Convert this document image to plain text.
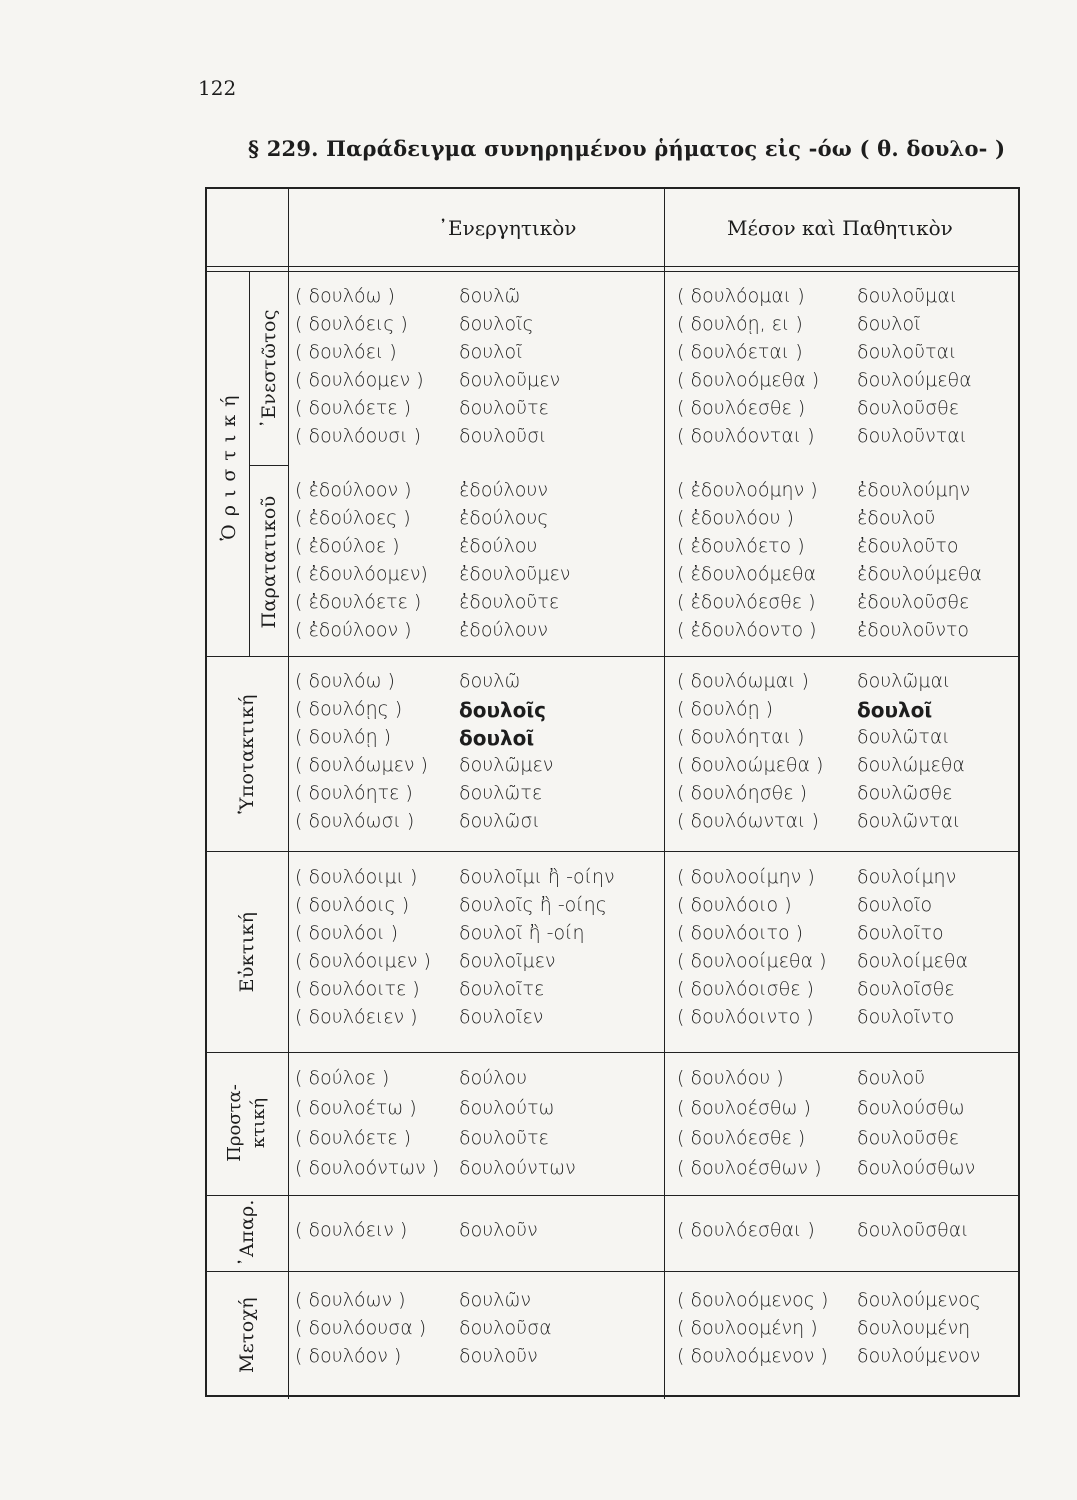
122
§ 229. Παράδειγμα συνηρημένου ῥήματος εἰς -όω ( θ. δουλο- )
᾿Ενεργητικὸν	Μέσον καὶ Παθητικὸν
Ὁριστική
᾿Ενεστῶτος
Παρατατικοῦ
Ὑποτακτική
Εὐκτική
Προστα- κτική
᾿Απαρ.
Μετοχή
( δουλόω )	δουλῶ	( δουλόομαι )	δουλοῦμαι
( δουλόεις )	δουλοῖς	( δουλόῃ, ει )	δουλοῖ
( δουλόει )	δουλοῖ	( δουλόεται )	δουλοῦται
( δουλόομεν ) δουλοῦμεν	( δουλοόμεθα ) δουλούμεθα
( δουλόετε )	δουλοῦτε	( δουλόεσθε )	δουλοῦσθε
( δουλόουσι ) δουλοῦσι	( δουλόονται ) δουλοῦνται
( ἐδούλοον ) ἐδούλουν	( ἐδουλοόμην ) ἐδουλούμην
( ἐδούλοες )	ἐδούλους	( ἐδουλόου )	ἐδουλοῦ
( ἐδούλοε )	ἐδούλου	( ἐδουλόετο )	ἐδουλοῦτο
( ἐδουλόομεν) ἐδουλοῦμεν	( ἐδουλοόμεθα ἐδουλούμεθα
( ἐδουλόετε ) ἐδουλοῦτε	( ἐδουλόεσθε ) ἐδουλοῦσθε
( ἐδούλοον ) ἐδούλουν	( ἐδουλόοντο ) ἐδουλοῦντο
( δουλόω )	δουλῶ	( δουλόωμαι )	δουλῶμαι
( δουλόῃς )	δουλοῖς	( δουλόῃ )	δουλοῖ
( δουλόῃ )	δουλοῖ	( δουλόηται )	δουλῶται
( δουλόωμεν ) δουλῶμεν	( δουλοώμεθα ) δουλώμεθα
( δουλόητε ) δουλῶτε	( δουλόησθε )	δουλῶσθε
( δουλόωσι ) δουλῶσι	( δουλόωνται ) δουλῶνται
( δουλόοιμι ) δουλοῖμι ἢ -οίην	( δουλοοίμην ) δουλοίμην
( δουλόοις )	δουλοῖς ἢ -οίης	( δουλόοιο )	δουλοῖο
( δουλόοι )	δουλοῖ ἢ -οίη	( δουλόοιτο )	δουλοῖτο
( δουλόοιμεν ) δουλοῖμεν	( δουλοοίμεθα ) δουλοίμεθα
( δουλόοιτε ) δουλοῖτε	( δουλόοισθε ) δουλοῖσθε
( δουλόειεν ) δουλοῖεν	( δουλόοιντο ) δουλοῖντο
( δούλοε )	δούλου	( δουλόου )	δουλοῦ
( δουλοέτω ) δουλούτω	( δουλοέσθω ) δουλούσθω
( δουλόετε )	δουλοῦτε	( δουλόεσθε )	δουλοῦσθε
( δουλοόντων ) δουλούντων	( δουλοέσθων ) δουλούσθων
( δουλόειν )	δουλοῦν	( δουλόεσθαι ) δουλοῦσθαι
( δουλόων )	δουλῶν	( δουλοόμενος ) δουλούμενος
( δουλόουσα ) δουλοῦσα	( δουλοομένη ) δουλουμένη
( δουλόον )	δουλοῦν	( δουλοόμενον ) δουλούμενον
